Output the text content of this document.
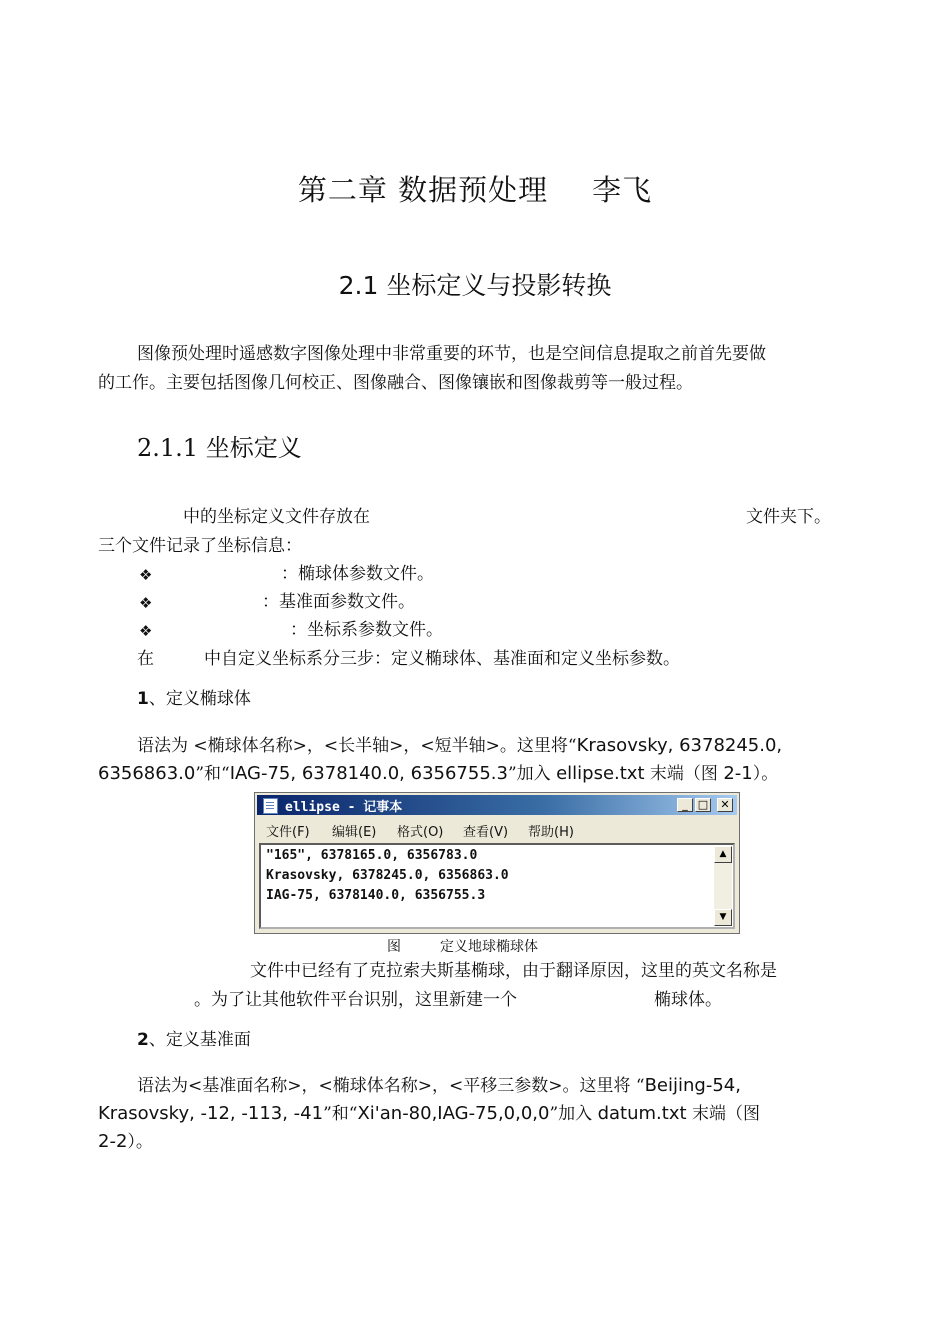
第二章 数据预处理 李飞
2.1 坐标定义与投影转换
图像预处理时遥感数字图像处理中非常重要的环节，也是空间信息提取之前首先要做
的工作。主要包括图像几何校正、图像融合、图像镶嵌和图像裁剪等一般过程。
2.1.1 坐标定义
中的坐标定义文件存放在	文件夹下。
三个文件记录了坐标信息：
❖	：椭球体参数文件。
❖	：基准面参数文件。
❖	：坐标系参数文件。
在	中自定义坐标系分三步：定义椭球体、基准面和定义坐标参数。
1、定义椭球体
语法为 <椭球体名称>，<长半轴>，<短半轴>。这里将“Krasovsky, 6378245.0,
6356863.0”和“IAG-75, 6378140.0, 6356755.3”加入 ellipse.txt 末端（图 2-1）。
ellipse - 记事本	_ □	✕
文件(F) 编辑(E) 格式(O) 查看(V) 帮助(H)
"165", 6378165.0, 6356783.0
Krasovsky, 6378245.0, 6356863.0
IAG-75, 6378140.0, 6356755.3
▲
▼
图	定义地球椭球体
文件中已经有了克拉索夫斯基椭球，由于翻译原因，这里的英文名称是
。为了让其他软件平台识别，这里新建一个	椭球体。
2、定义基准面
语法为<基准面名称>，<椭球体名称>，<平移三参数>。这里将 “Beijing-54,
Krasovsky, -12, -113, -41”和“Xi'an-80,IAG-75,0,0,0”加入 datum.txt 末端（图
2-2）。
